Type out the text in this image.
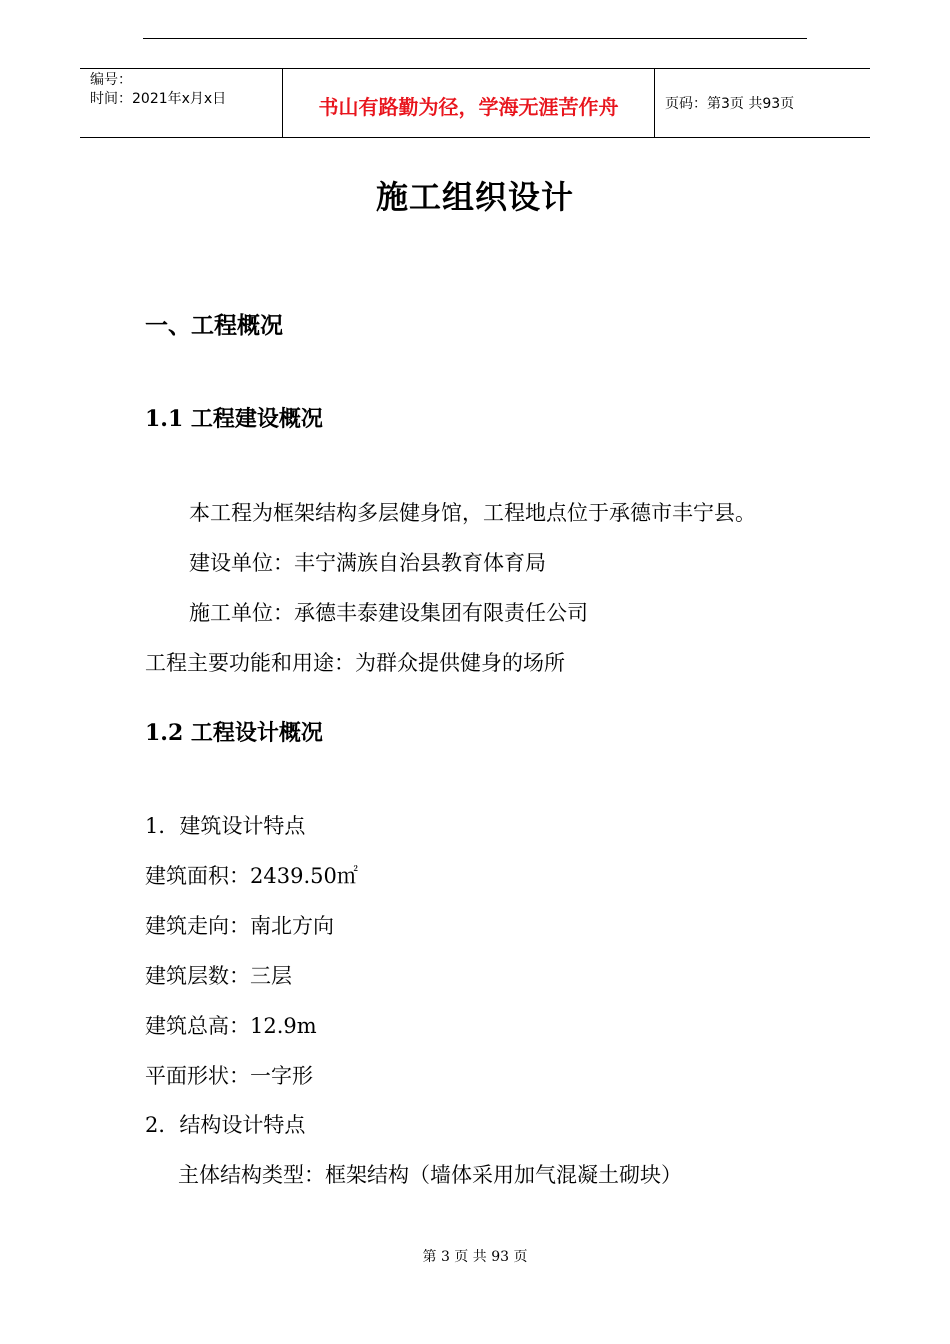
编号：
时间：2021年x月x日	书山有路勤为径，学海无涯苦作舟	页码：第3页 共93页
施工组织设计
一、工程概况
1.1 工程建设概况
本工程为框架结构多层健身馆，工程地点位于承德市丰宁县。
建设单位：丰宁满族自治县教育体育局
施工单位：承德丰泰建设集团有限责任公司
工程主要功能和用途：为群众提供健身的场所
1.2 工程设计概况
1．建筑设计特点
建筑面积：2439.50㎡
建筑走向：南北方向
建筑层数：三层
建筑总高：12.9m
平面形状：一字形
2．结构设计特点
主体结构类型：框架结构（墙体采用加气混凝土砌块）
第 3 页 共 93 页
